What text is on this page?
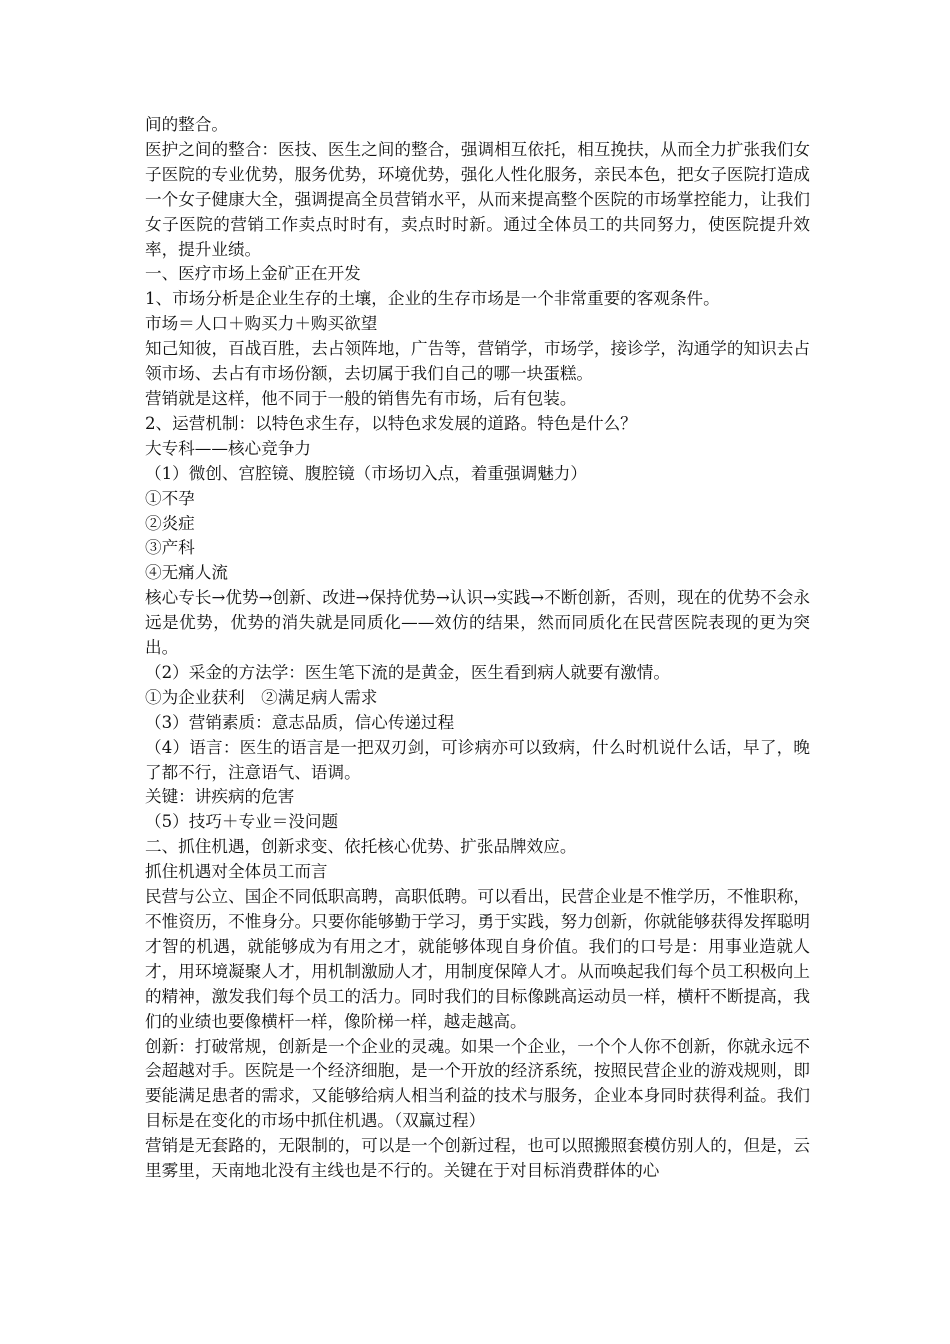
间的整合。

医护之间的整合：医技、医生之间的整合，强调相互依托，相互挽扶，从而全力扩张我们女子医院的专业优势，服务优势，环境优势，强化人性化服务，亲民本色，把女子医院打造成一个女子健康大全，强调提高全员营销水平，从而来提高整个医院的市场掌控能力，让我们女子医院的营销工作卖点时时有，卖点时时新。通过全体员工的共同努力，使医院提升效率，提升业绩。

一、医疗市场上金矿正在开发

1、市场分析是企业生存的土壤，企业的生存市场是一个非常重要的客观条件。

市场＝人口＋购买力＋购买欲望

知己知彼，百战百胜，去占领阵地，广告等，营销学，市场学，接诊学，沟通学的知识去占领市场、去占有市场份额，去切属于我们自己的哪一块蛋糕。

营销就是这样，他不同于一般的销售先有市场，后有包装。

2、运营机制：以特色求生存，以特色求发展的道路。特色是什么？

大专科——核心竞争力

（1）微创、宫腔镜、腹腔镜（市场切入点，着重强调魅力）

①不孕

②炎症

③产科

④无痛人流

核心专长→优势→创新、改进→保持优势→认识→实践→不断创新，否则，现在的优势不会永远是优势，优势的消失就是同质化——效仿的结果，然而同质化在民营医院表现的更为突出。

（2）采金的方法学：医生笔下流的是黄金，医生看到病人就要有激情。

①为企业获利　②满足病人需求

（3）营销素质：意志品质，信心传递过程

（4）语言：医生的语言是一把双刃剑，可诊病亦可以致病，什么时机说什么话，早了，晚了都不行，注意语气、语调。

关键：讲疾病的危害

（5）技巧＋专业＝没问题

二、抓住机遇，创新求变、依托核心优势、扩张品牌效应。

抓住机遇对全体员工而言

民营与公立、国企不同低职高聘，高职低聘。可以看出，民营企业是不惟学历，不惟职称，不惟资历，不惟身分。只要你能够勤于学习，勇于实践，努力创新，你就能够获得发挥聪明才智的机遇，就能够成为有用之才，就能够体现自身价值。我们的口号是：用事业造就人才，用环境凝聚人才，用机制激励人才，用制度保障人才。从而唤起我们每个员工积极向上的精神，激发我们每个员工的活力。同时我们的目标像跳高运动员一样，横杆不断提高，我们的业绩也要像横杆一样，像阶梯一样，越走越高。

创新：打破常规，创新是一个企业的灵魂。如果一个企业，一个个人你不创新，你就永远不会超越对手。医院是一个经济细胞，是一个开放的经济系统，按照民营企业的游戏规则，即要能满足患者的需求，又能够给病人相当利益的技术与服务，企业本身同时获得利益。我们目标是在变化的市场中抓住机遇。（双赢过程）

营销是无套路的，无限制的，可以是一个创新过程，也可以照搬照套模仿别人的，但是，云里雾里，天南地北没有主线也是不行的。关键在于对目标消费群体的心
